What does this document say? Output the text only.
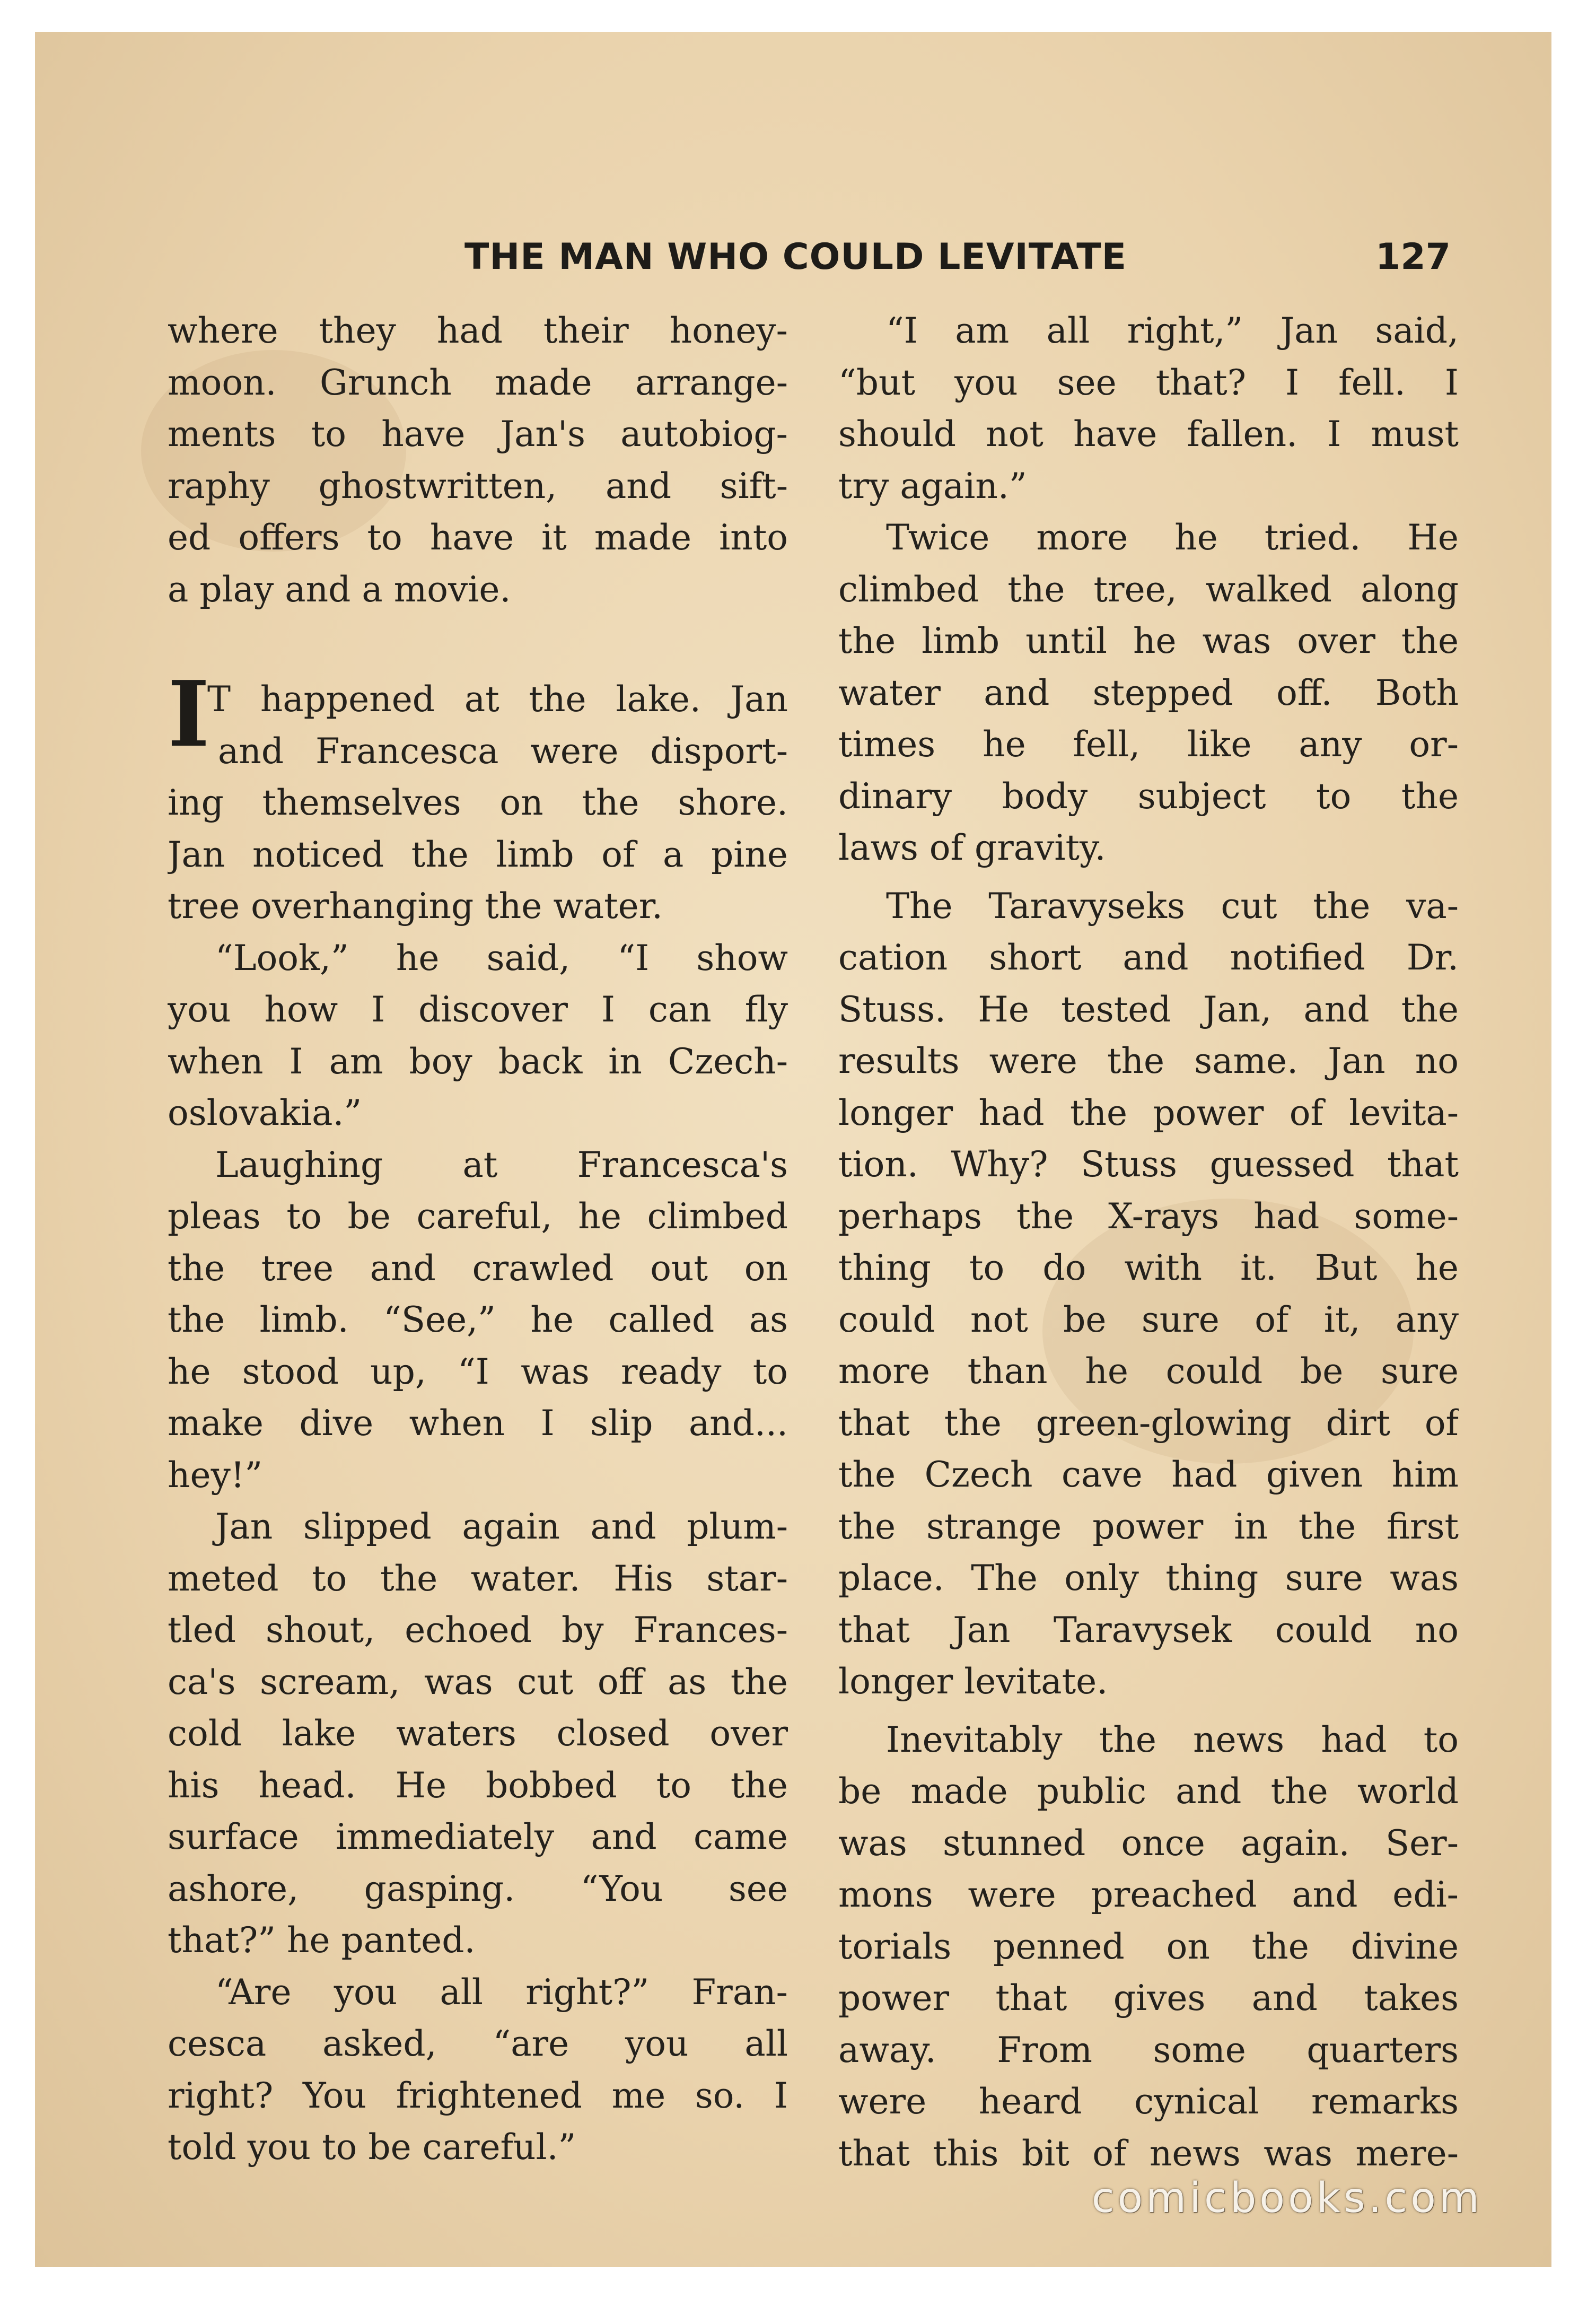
THE MAN WHO COULD LEVITATE	127
where they had their honey-
moon. Grunch made arrange-
ments to have Jan's autobiog-
raphy ghostwritten, and sift-
ed offers to have it made into
a play and a movie.
I
T happened at the lake. Jan
and Francesca were disport-
ing themselves on the shore.
Jan noticed the limb of a pine
tree overhanging the water.
“Look,” he said, “I show
you how I discover I can fly
when I am boy back in Czech-
oslovakia.”
Laughing at Francesca's
pleas to be careful, he climbed
the tree and crawled out on
the limb. “See,” he called as
he stood up, “I was ready to
make dive when I slip and...
hey!”
Jan slipped again and plum-
meted to the water. His star-
tled shout, echoed by Frances-
ca's scream, was cut off as the
cold lake waters closed over
his head. He bobbed to the
surface immediately and came
ashore, gasping. “You see
that?” he panted.
“Are you all right?” Fran-
cesca asked, “are you all
right? You frightened me so. I
told you to be careful.”
“I am all right,” Jan said,
“but you see that? I fell. I
should not have fallen. I must
try again.”
Twice more he tried. He
climbed the tree, walked along
the limb until he was over the
water and stepped off. Both
times he fell, like any or-
dinary body subject to the
laws of gravity.
The Taravyseks cut the va-
cation short and notified Dr.
Stuss. He tested Jan, and the
results were the same. Jan no
longer had the power of levita-
tion. Why? Stuss guessed that
perhaps the X-rays had some-
thing to do with it. But he
could not be sure of it, any
more than he could be sure
that the green-glowing dirt of
the Czech cave had given him
the strange power in the first
place. The only thing sure was
that Jan Taravysek could no
longer levitate.
Inevitably the news had to
be made public and the world
was stunned once again. Ser-
mons were preached and edi-
torials penned on the divine
power that gives and takes
away. From some quarters
were heard cynical remarks
that this bit of news was mere-
comicbooks.com
